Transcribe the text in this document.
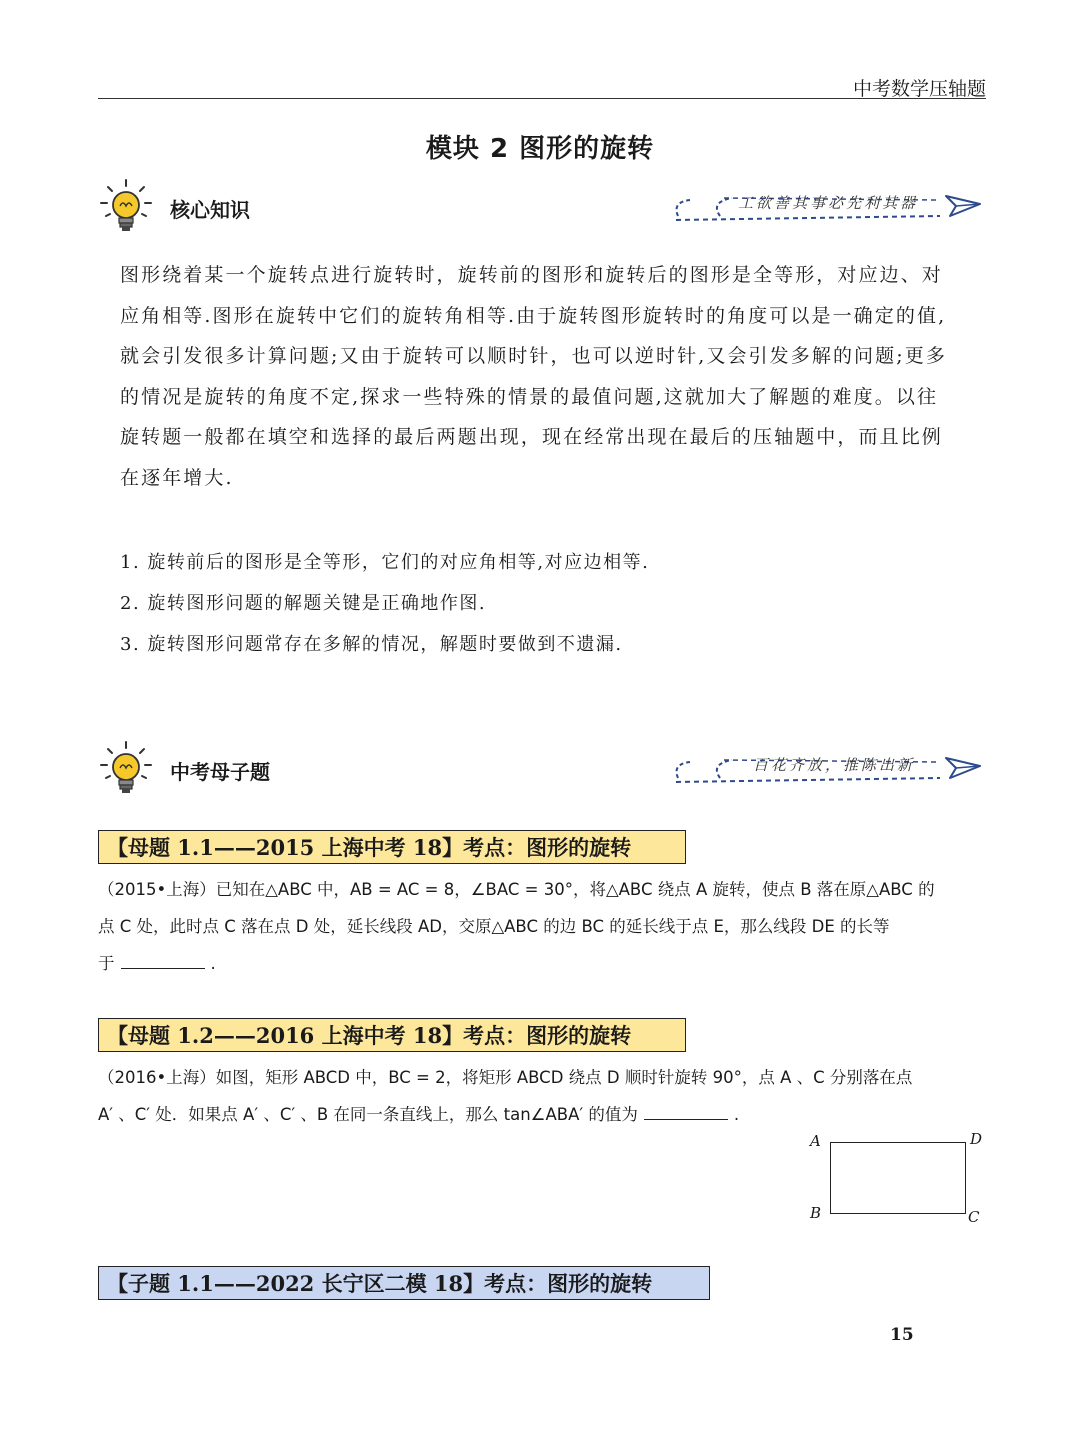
中考数学压轴题
模块 2 图形的旋转
核心知识	工欲善其事必先利其器
图形绕着某一个旋转点进行旋转时，旋转前的图形和旋转后的图形是全等形，对应边、对
应角相等.图形在旋转中它们的旋转角相等.由于旋转图形旋转时的角度可以是一确定的值,
就会引发很多计算问题;又由于旋转可以顺时针，也可以逆时针,又会引发多解的问题;更多
的情况是旋转的角度不定,探求一些特殊的情景的最值问题,这就加大了解题的难度。以往
旋转题一般都在填空和选择的最后两题出现，现在经常出现在最后的压轴题中，而且比例
在逐年增大.
1. 旋转前后的图形是全等形，它们的对应角相等,对应边相等.
2. 旋转图形问题的解题关键是正确地作图.
3. 旋转图形问题常存在多解的情况，解题时要做到不遗漏.
中考母子题	百花齐放，推陈出新
【母题 1.1——2015 上海中考 18】考点：图形的旋转
（2015•上海）已知在△ABC 中，AB = AC = 8，∠BAC = 30°，将△ABC 绕点 A 旋转，使点 B 落在原△ABC 的
点 C 处，此时点 C 落在点 D 处，延长线段 AD，交原△ABC 的边 BC 的延长线于点 E，那么线段 DE 的长等
于	.
【母题 1.2——2016 上海中考 18】考点：图形的旋转
（2016•上海）如图，矩形 ABCD 中，BC = 2，将矩形 ABCD 绕点 D 顺时针旋转 90°，点 A 、C 分别落在点
A′ 、C′ 处．如果点 A′ 、C′ 、B 在同一条直线上，那么 tan∠ABA′ 的值为	.
A	D
B	C
【子题 1.1——2022 长宁区二模 18】考点：图形的旋转
15
